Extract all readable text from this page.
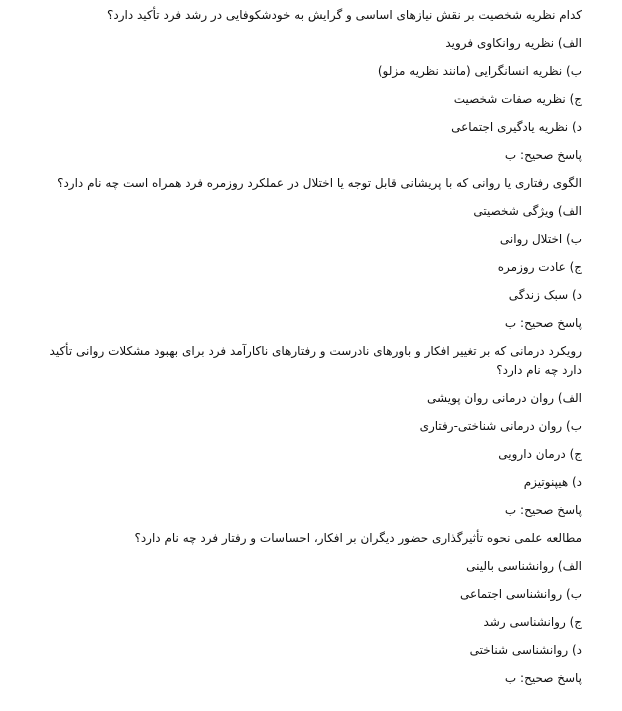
کدام نظریه شخصیت بر نقش نیازهای اساسی و گرایش به خودشکوفایی در رشد فرد تأکید دارد؟

الف) نظریه روانکاوی فروید

ب) نظریه انسانگرایی (مانند نظریه مزلو)

ج) نظریه صفات شخصیت

د) نظریه یادگیری اجتماعی

پاسخ صحیح: ب

الگوی رفتاری یا روانی که با پریشانی قابل توجه یا اختلال در عملکرد روزمره فرد همراه است چه نام دارد؟

الف) ویژگی شخصیتی

ب) اختلال روانی

ج) عادت روزمره

د) سبک زندگی

پاسخ صحیح: ب

رویکرد درمانی که بر تغییر افکار و باورهای نادرست و رفتارهای ناکارآمد فرد برای بهبود مشکلات روانی تأکید دارد چه نام دارد؟

الف) روان درمانی روان پویشی

ب) روان درمانی شناختی-رفتاری

ج) درمان دارویی

د) هیپنوتیزم

پاسخ صحیح: ب

مطالعه علمی نحوه تأثیرگذاری حضور دیگران بر افکار، احساسات و رفتار فرد چه نام دارد؟

الف) روانشناسی بالینی

ب) روانشناسی اجتماعی

ج) روانشناسی رشد

د) روانشناسی شناختی

پاسخ صحیح: ب
